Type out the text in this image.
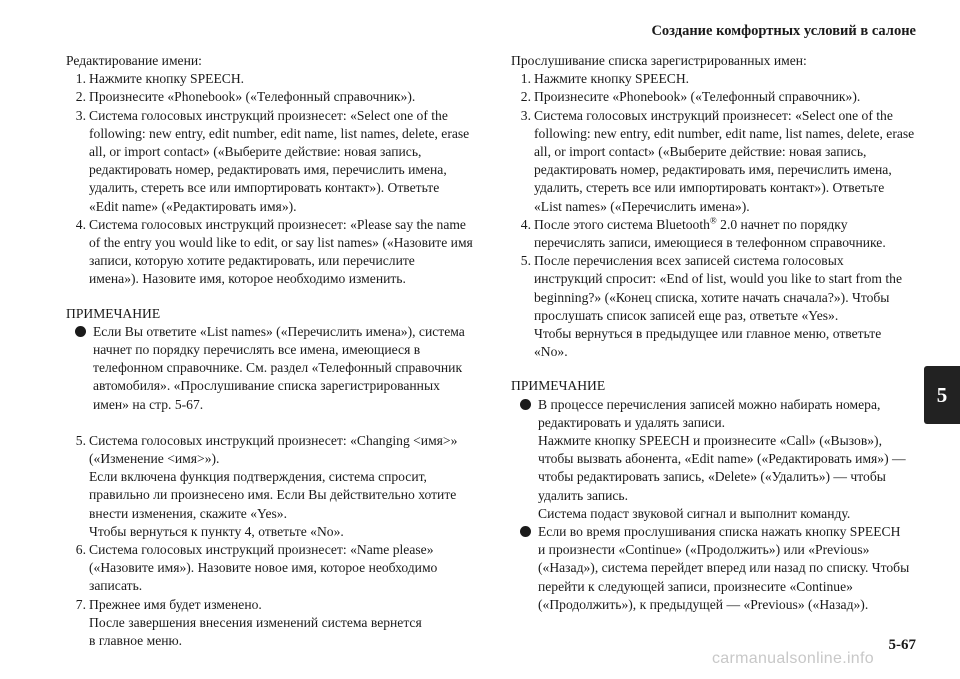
Создание комфортных условий в салоне
5

Редактирование имени:

1. Нажмите кнопку SPEECH.
2. Произнесите «Phonebook» («Телефонный справочник»).
3. Система голосовых инструкций произнесет: «Select one of the
following: new entry, edit number, edit name, list names, delete, erase
all, or import contact» («Выберите действие: новая запись,
редактировать номер, редактировать имя, перечислить имена,
удалить, стереть все или импортировать контакт»). Ответьте
«Edit name» («Редактировать имя»).
4. Система голосовых инструкций произнесет: «Please say the name
of the entry you would like to edit, or say list names» («Назовите имя
записи, которую хотите редактировать, или перечислите
имена»). Назовите имя, которое необходимо изменить.

ПРИМЕЧАНИЕ

Если Вы ответите «List names» («Перечислить имена»), система

начнет по порядку перечислять все имена, имеющиеся в

телефонном справочнике. См. раздел «Телефонный справочник

автомобиля». «Прослушивание списка зарегистрированных

имен» на стр. 5-67.

5. Система голосовых инструкций произнесет: «Changing <имя>»
(«Изменение <имя>»).
Если включена функция подтверждения, система спросит,
правильно ли произнесено имя. Если Вы действительно хотите
внести изменения, скажите «Yes».
Чтобы вернуться к пункту 4, ответьте «No».
6. Система голосовых инструкций произнесет: «Name please»
(«Назовите имя»). Назовите новое имя, которое необходимо
записать.
7. Прежнее имя будет изменено.
После завершения внесения изменений система вернется
в главное меню.

Прослушивание списка зарегистрированных имен:

1. Нажмите кнопку SPEECH.
2. Произнесите «Phonebook» («Телефонный справочник»).
3. Система голосовых инструкций произнесет: «Select one of the
following: new entry, edit number, edit name, list names, delete, erase
all, or import contact» («Выберите действие: новая запись,
редактировать номер, редактировать имя, перечислить имена,
удалить, стереть все или импортировать контакт»). Ответьте
«List names» («Перечислить имена»).
4. После этого система Bluetooth® 2.0 начнет по порядку
перечислять записи, имеющиеся в телефонном справочнике.
5. После перечисления всех записей система голосовых
инструкций спросит: «End of list, would you like to start from the
beginning?» («Конец списка, хотите начать сначала?»). Чтобы
прослушать список записей еще раз, ответьте «Yes».
Чтобы вернуться в предыдущее или главное меню, ответьте
«No».

ПРИМЕЧАНИЕ

В процессе перечисления записей можно набирать номера,

редактировать и удалять записи.

Нажмите кнопку SPEECH и произнесите «Call» («Вызов»),

чтобы вызвать абонента, «Edit name» («Редактировать имя») —

чтобы редактировать запись, «Delete» («Удалить») — чтобы

удалить запись.

Система подаст звуковой сигнал и выполнит команду.

Если во время прослушивания списка нажать кнопку SPEECH

и произнести «Continue» («Продолжить») или «Previous»

(«Назад»), система перейдет вперед или назад по списку. Чтобы

перейти к следующей записи, произнесите «Continue»

(«Продолжить»), к предыдущей — «Previous» («Назад»).

5-67
carmanualsonline.info
